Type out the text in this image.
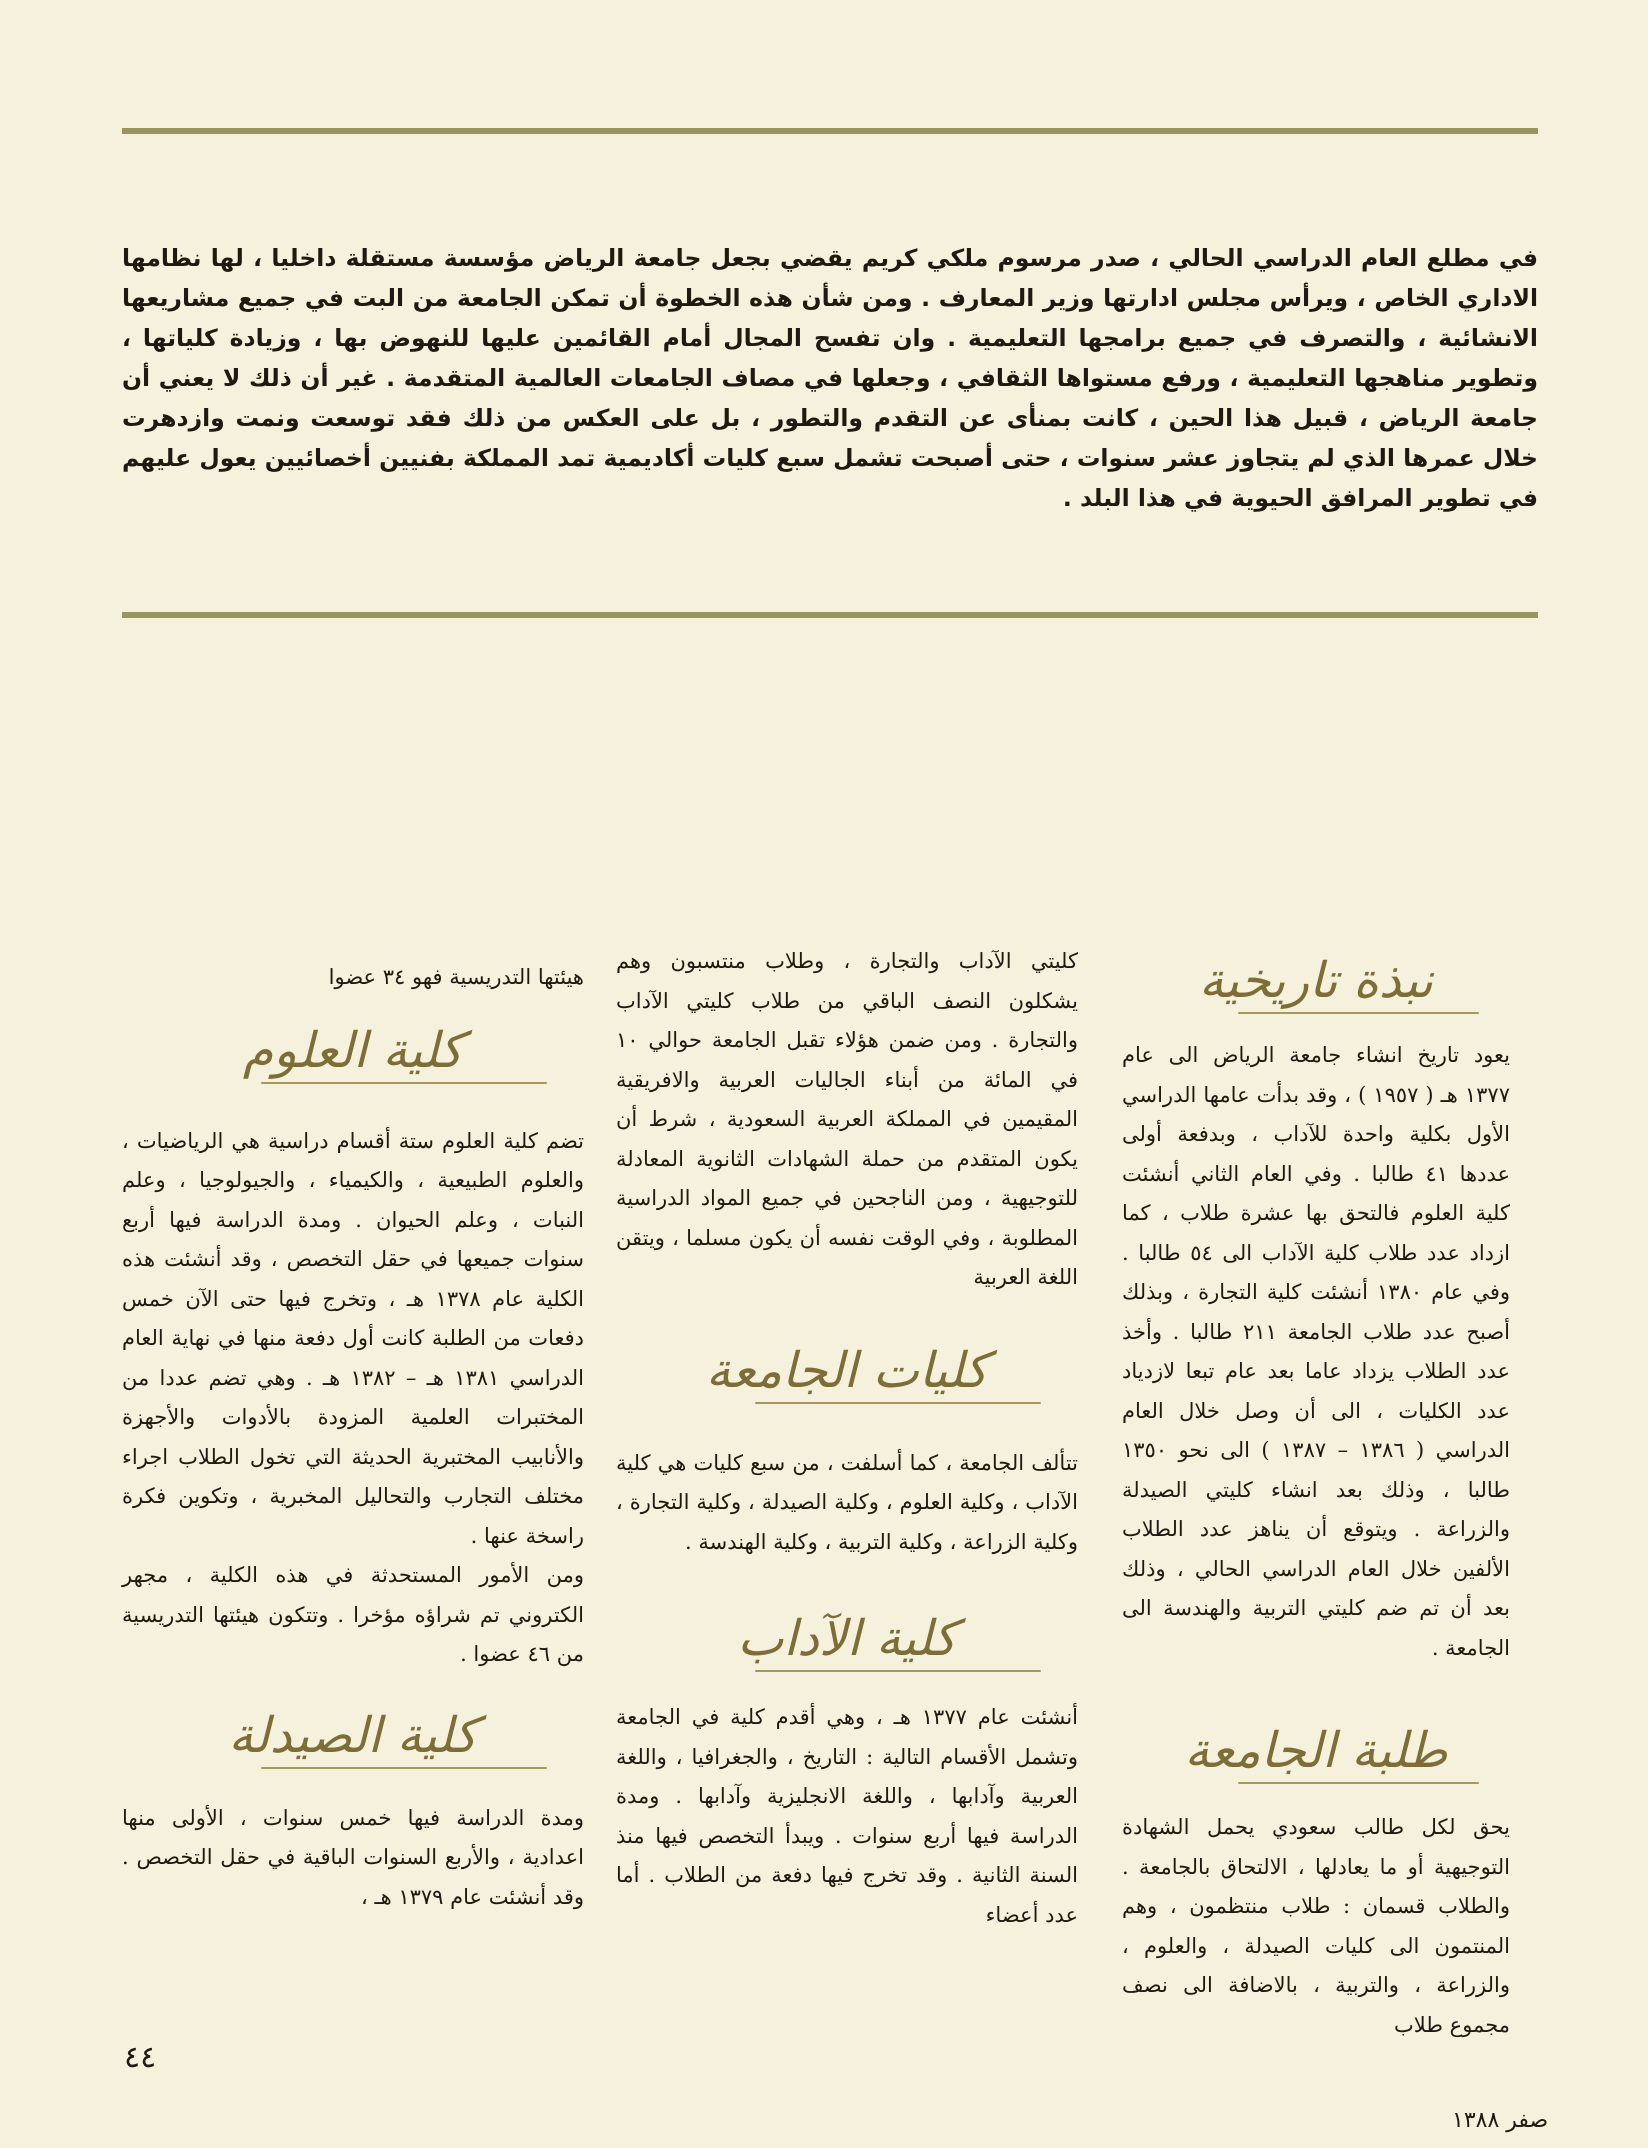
في مطلع العام الدراسي الحالي ، صدر مرسوم ملكي كريم يقضي بجعل جامعة الرياض مؤسسة مستقلة داخليا ، لها نظامها الاداري الخاص ، ويرأس مجلس ادارتها وزير المعارف . ومن شأن هذه الخطوة أن تمكن الجامعة من البت في جميع مشاريعها الانشائية ، والتصرف في جميع برامجها التعليمية . وان تفسح المجال أمام القائمين عليها للنهوض بها ، وزيادة كلياتها ، وتطوير مناهجها التعليمية ، ورفع مستواها الثقافي ، وجعلها في مصاف الجامعات العالمية المتقدمة . غير أن ذلك لا يعني أن جامعة الرياض ، قبيل هذا الحين ، كانت بمنأى عن التقدم والتطور ، بل على العكس من ذلك فقد توسعت ونمت وازدهرت خلال عمرها الذي لم يتجاوز عشر سنوات ، حتى أصبحت تشمل سبع كليات أكاديمية تمد المملكة بفنيين أخصائيين يعول عليهم في تطوير المرافق الحيوية في هذا البلد .
نبذة تاريخية

يعود تاريخ انشاء جامعة الرياض الى عام ١٣٧٧ هـ ( ١٩٥٧ ) ، وقد بدأت عامها الدراسي الأول بكلية واحدة للآداب ، وبدفعة أولى عددها ٤١ طالبا . وفي العام الثاني أنشئت كلية العلوم فالتحق بها عشرة طلاب ، كما ازداد عدد طلاب كلية الآداب الى ٥٤ طالبا . وفي عام ١٣٨٠ أنشئت كلية التجارة ، وبذلك أصبح عدد طلاب الجامعة ٢١١ طالبا . وأخذ عدد الطلاب يزداد عاما بعد عام تبعا لازدياد عدد الكليات ، الى أن وصل خلال العام الدراسي ( ١٣٨٦ – ١٣٨٧ ) الى نحو ١٣٥٠ طالبا ، وذلك بعد انشاء كليتي الصيدلة والزراعة . ويتوقع أن يناهز عدد الطلاب الألفين خلال العام الدراسي الحالي ، وذلك بعد أن تم ضم كليتي التربية والهندسة الى الجامعة .

طلبة الجامعة

يحق لكل طالب سعودي يحمل الشهادة التوجيهية أو ما يعادلها ، الالتحاق بالجامعة . والطلاب قسمان : طلاب منتظمون ، وهم المنتمون الى كليات الصيدلة ، والعلوم ، والزراعة ، والتربية ، بالاضافة الى نصف مجموع طلاب

كليتي الآداب والتجارة ، وطلاب منتسبون وهم يشكلون النصف الباقي من طلاب كليتي الآداب والتجارة . ومن ضمن هؤلاء تقبل الجامعة حوالي ١٠ في المائة من أبناء الجاليات العربية والافريقية المقيمين في المملكة العربية السعودية ، شرط أن يكون المتقدم من حملة الشهادات الثانوية المعادلة للتوجيهية ، ومن الناجحين في جميع المواد الدراسية المطلوبة ، وفي الوقت نفسه أن يكون مسلما ، ويتقن اللغة العربية

كليات الجامعة

تتألف الجامعة ، كما أسلفت ، من سبع كليات هي كلية الآداب ، وكلية العلوم ، وكلية الصيدلة ، وكلية التجارة ، وكلية الزراعة ، وكلية التربية ، وكلية الهندسة .

كلية الآداب

أنشئت عام ١٣٧٧ هـ ، وهي أقدم كلية في الجامعة وتشمل الأقسام التالية : التاريخ ، والجغرافيا ، واللغة العربية وآدابها ، واللغة الانجليزية وآدابها . ومدة الدراسة فيها أربع سنوات . ويبدأ التخصص فيها منذ السنة الثانية . وقد تخرج فيها دفعة من الطلاب . أما عدد أعضاء

هيئتها التدريسية فهو ٣٤ عضوا

كلية العلوم

تضم كلية العلوم ستة أقسام دراسية هي الرياضيات ، والعلوم الطبيعية ، والكيمياء ، والجيولوجيا ، وعلم النبات ، وعلم الحيوان . ومدة الدراسة فيها أربع سنوات جميعها في حقل التخصص ، وقد أنشئت هذه الكلية عام ١٣٧٨ هـ ، وتخرج فيها حتى الآن خمس دفعات من الطلبة كانت أول دفعة منها في نهاية العام الدراسي ١٣٨١ هـ – ١٣٨٢ هـ . وهي تضم عددا من المختبرات العلمية المزودة بالأدوات والأجهزة والأنابيب المختبرية الحديثة التي تخول الطلاب اجراء مختلف التجارب والتحاليل المخبرية ، وتكوين فكرة راسخة عنها .

ومن الأمور المستحدثة في هذه الكلية ، مجهر الكتروني تم شراؤه مؤخرا . وتتكون هيئتها التدريسية من ٤٦ عضوا .

كلية الصيدلة

ومدة الدراسة فيها خمس سنوات ، الأولى منها اعدادية ، والأربع السنوات الباقية في حقل التخصص . وقد أنشئت عام ١٣٧٩ هـ ،

٤٤
صفر ١٣٨٨
